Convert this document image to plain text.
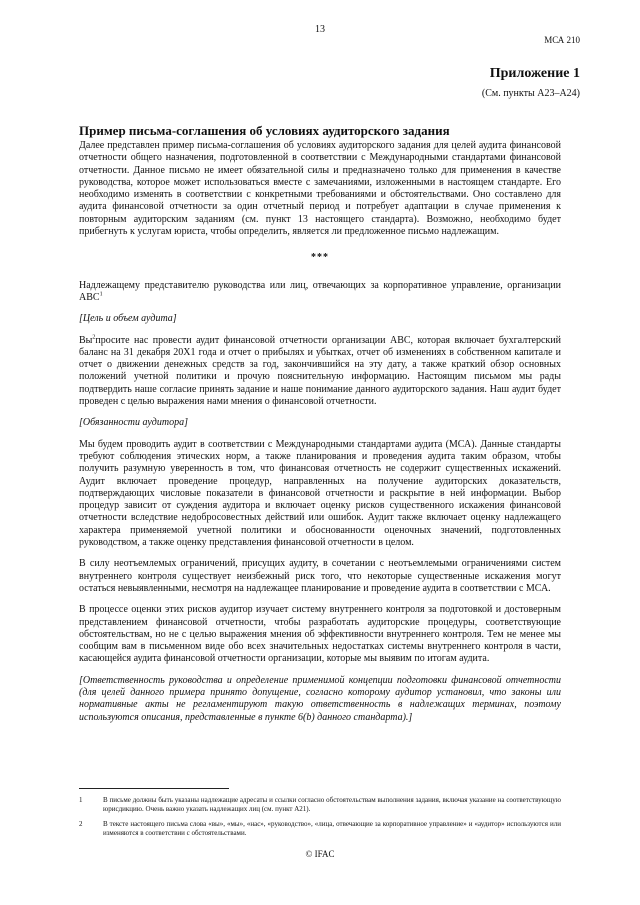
13
МСА 210
Приложение 1
(См. пункты A23–A24)
Пример письма-соглашения об условиях аудиторского задания

Далее представлен пример письма-соглашения об условиях аудиторского задания для целей аудита финансовой отчетности общего назначения, подготовленной в соответствии с Международными стандартами финансовой отчетности. Данное письмо не имеет обязательной силы и предназначено только для применения в качестве руководства, которое может использоваться вместе с замечаниями, изложенными в настоящем стандарте. Его необходимо изменять в соответствии с конкретными требованиями и обстоятельствами. Оно составлено для аудита финансовой отчетности за один отчетный период и потребует адаптации в случае применения к повторным аудиторским заданиям (см. пункт 13 настоящего стандарта). Возможно, необходимо будет прибегнуть к услугам юриста, чтобы определить, является ли предложенное письмо надлежащим.

***

Надлежащему представителю руководства или лиц, отвечающих за корпоративное управление, организации АВС$^1$

[Цель и объем аудита]

$Вы^2просите$ нас провести аудит финансовой отчетности организации АВС, которая включает бухгалтерский баланс на 31 декабря 20Х1 года и отчет о прибылях и убытках, отчет об изменениях в собственном капитале и отчет о движении денежных средств за год, закончившийся на эту дату, а также краткий обзор основных положений учетной политики и прочую пояснительную информацию. Настоящим письмом мы рады подтвердить наше согласие принять задание и наше понимание данного аудиторского задания. Наш аудит будет проведен с целью выражения нами мнения о финансовой отчетности.

[Обязанности аудитора]

Мы будем проводить аудит в соответствии с Международными стандартами аудита (МСА). Данные стандарты требуют соблюдения этических норм, а также планирования и проведения аудита таким образом, чтобы получить разумную уверенность в том, что финансовая отчетность не содержит существенных искажений. Аудит включает проведение процедур, направленных на получение аудиторских доказательств, подтверждающих числовые показатели в финансовой отчетности и раскрытие в ней информации. Выбор процедур зависит от суждения аудитора и включает оценку рисков существенного искажения финансовой отчетности вследствие недобросовестных действий или ошибок. Аудит также включает оценку надлежащего характера применяемой учетной политики и обоснованности оценочных значений, подготовленных руководством, а также оценку представления финансовой отчетности в целом.

В силу неотъемлемых ограничений, присущих аудиту, в сочетании с неотъемлемыми ограничениями систем внутреннего контроля существует неизбежный риск того, что некоторые существенные искажения могут остаться невыявленными, несмотря на надлежащее планирование и проведение аудита в соответствии с МСА.

В процессе оценки этих рисков аудитор изучает систему внутреннего контроля за подготовкой и достоверным представлением финансовой отчетности, чтобы разработать аудиторские процедуры, соответствующие обстоятельствам, но не с целью выражения мнения об эффективности внутреннего контроля. Тем не менее мы сообщим вам в письменном виде обо всех значительных недостатках системы внутреннего контроля в части, касающейся аудита финансовой отчетности организации, которые мы выявим по итогам аудита.

[Ответственность руководства и определение применимой концепции подготовки финансовой отчетности (для целей данного примера принято допущение, согласно которому аудитор установил, что законы или нормативные акты не регламентируют такую ответственность в надлежащих терминах, поэтому используются описания, представленные в пункте 6(b) данного стандарта).]

1	В письме должны быть указаны надлежащие адресаты и ссылки согласно обстоятельствам выполнения задания, включая указание на соответствующую юрисдикцию. Очень важно указать надлежащих лиц (см. пункт A21).
2	В тексте настоящего письма слова «вы», «мы», «нас», «руководство», «лица, отвечающие за корпоративное управление» и «аудитор» используются или изменяются в соответствии с обстоятельствами.
© IFAC
